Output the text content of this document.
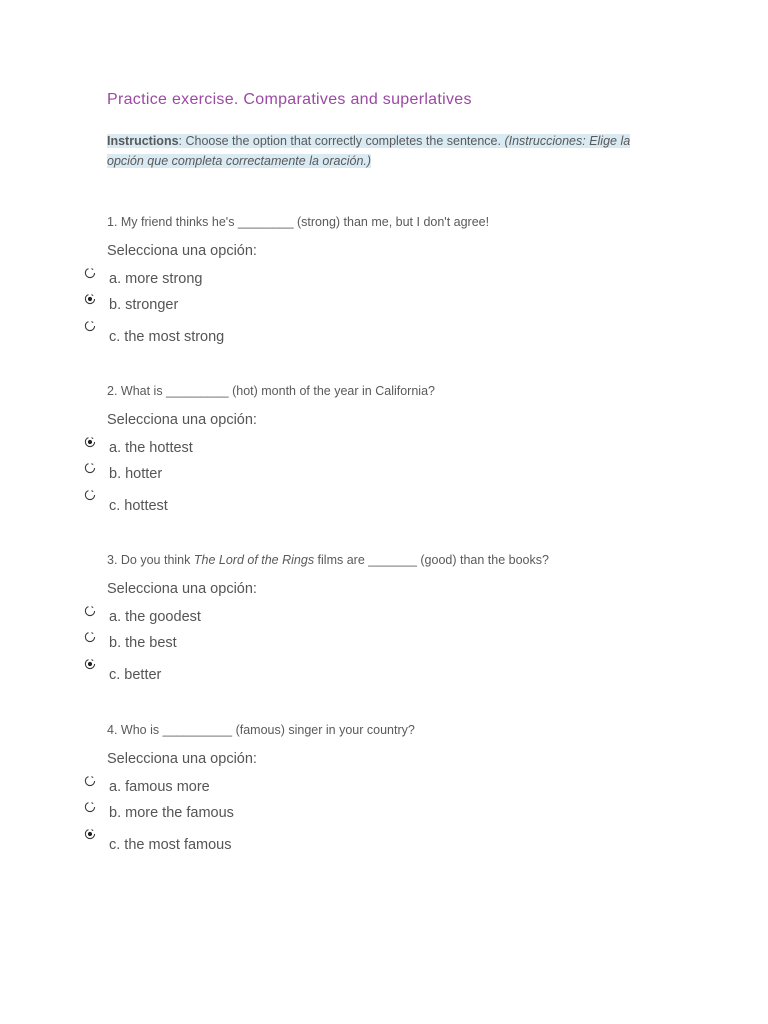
Practice exercise. Comparatives and superlatives
Instructions: Choose the option that correctly completes the sentence. (Instrucciones: Elige la opción que completa correctamente la oración.)

1. My friend thinks he's ________ (strong) than me, but I don't agree!

Selecciona una opción:
a. more strong
b. stronger
c. the most strong

2. What is _________ (hot) month of the year in California?

Selecciona una opción:
a. the hottest
b. hotter
c. hottest

3. Do you think The Lord of the Rings films are _______ (good) than the books?

Selecciona una opción:
a. the goodest
b. the best
c. better

4. Who is __________ (famous) singer in your country?

Selecciona una opción:
a. famous more
b. more the famous
c. the most famous
